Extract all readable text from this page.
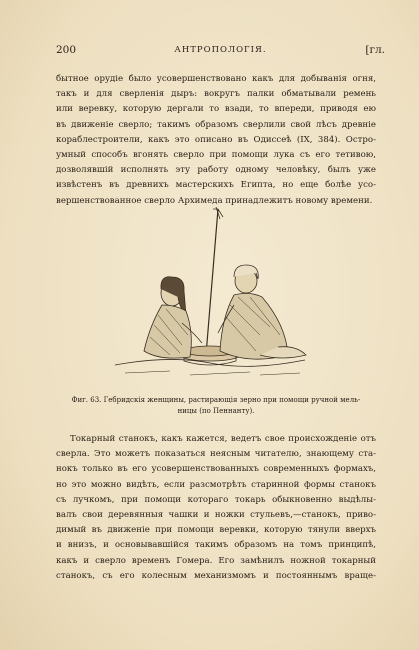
200	АНТРОПОЛОГІЯ.	[гл.
бытное орудіе было усовершенствовано какъ для добыванія огня,
такъ и для сверленія дыръ: вокругъ палки обматывали ремень
или веревку, которую дергали то взади, то впереди, приводя ею
въ движеніе сверло; такимъ образомъ сверлили свой лѣсъ древніе
кораблестроители, какъ это описано въ Одиссеѣ (IX, 384). Остро-
умный способъ вгонять сверло при помощи лука съ его тетивою,
дозволявшій исполнять эту работу одному человѣку, былъ уже
извѣстенъ въ древнихъ мастерскихъ Египта, но еще болѣе усо-
вершенствованное сверло Архимеда принадлежитъ новому времени.
Фиг. 63. Гебридскія женщины, растирающія зерно при помощи ручной мель-
ницы (по Пеннанту).
Токарный станокъ, какъ кажется, ведетъ свое происхожденіе отъ
сверла. Это можетъ показаться неясным читателю, знающему ста-
нокъ только въ его усовершенствованныхъ современныхъ формахъ,
но это можно видѣть, если разсмотрѣть старинной формы станокъ
съ лучкомъ, при помощи котораго токарь обыкновенно выдѣлы-
валъ свои деревянныя чашки и ножки стульевъ,—станокъ, приво-
димый въ движеніе при помощи веревки, которую тянули вверхъ
и внизъ, и основывавшійся такимъ образомъ на томъ принципѣ,
какъ и сверло временъ Гомера. Его замѣнилъ ножной токарный
станокъ, съ его колесным механизмомъ и постояннымъ враще-
